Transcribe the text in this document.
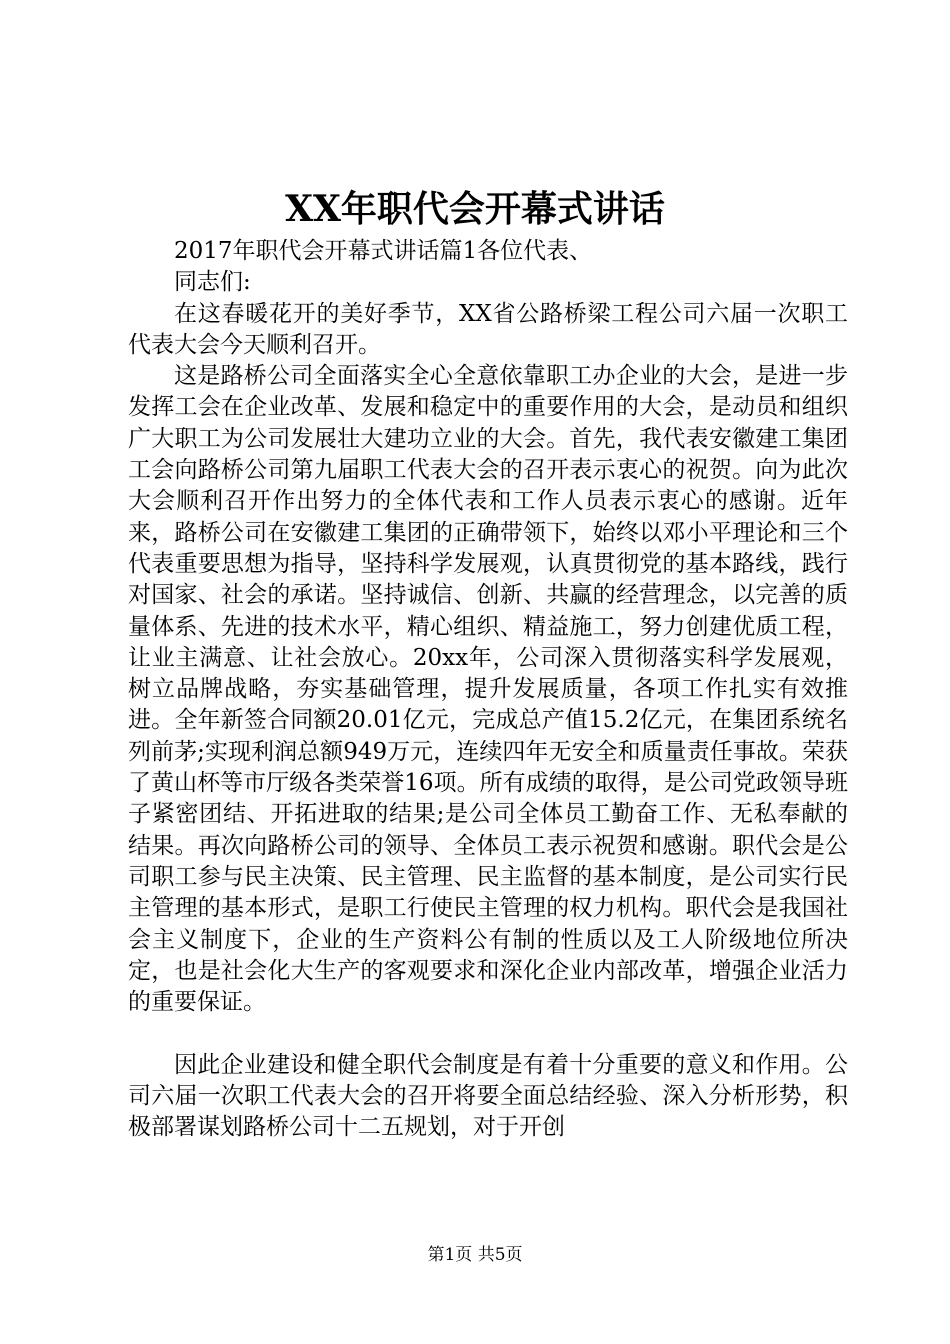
XX年职代会开幕式讲话

2017年职代会开幕式讲话篇1各位代表、

同志们:

在这春暖花开的美好季节，XX省公路桥梁工程公司六届一次职工代表大会今天顺利召开。

这是路桥公司全面落实全心全意依靠职工办企业的大会，是进一步发挥工会在企业改革、发展和稳定中的重要作用的大会，是动员和组织广大职工为公司发展壮大建功立业的大会。首先，我代表安徽建工集团工会向路桥公司第九届职工代表大会的召开表示衷心的祝贺。向为此次大会顺利召开作出努力的全体代表和工作人员表示衷心的感谢。近年来，路桥公司在安徽建工集团的正确带领下，始终以邓小平理论和三个代表重要思想为指导，坚持科学发展观，认真贯彻党的基本路线，践行对国家、社会的承诺。坚持诚信、创新、共赢的经营理念，以完善的质量体系、先进的技术水平，精心组织、精益施工，努力创建优质工程，让业主满意、让社会放心。20xx年，公司深入贯彻落实科学发展观，树立品牌战略，夯实基础管理，提升发展质量，各项工作扎实有效推进。全年新签合同额20.01亿元，完成总产值15.2亿元，在集团系统名列前茅;实现利润总额949万元，连续四年无安全和质量责任事故。荣获了黄山杯等市厅级各类荣誉16项。所有成绩的取得，是公司党政领导班子紧密团结、开拓进取的结果;是公司全体员工勤奋工作、无私奉献的结果。再次向路桥公司的领导、全体员工表示祝贺和感谢。职代会是公司职工参与民主决策、民主管理、民主监督的基本制度，是公司实行民主管理的基本形式，是职工行使民主管理的权力机构。职代会是我国社会主义制度下，企业的生产资料公有制的性质以及工人阶级地位所决定，也是社会化大生产的客观要求和深化企业内部改革，增强企业活力的重要保证。

因此企业建设和健全职代会制度是有着十分重要的意义和作用。公司六届一次职工代表大会的召开将要全面总结经验、深入分析形势，积极部署谋划路桥公司十二五规划，对于开创

第1页 共5页
